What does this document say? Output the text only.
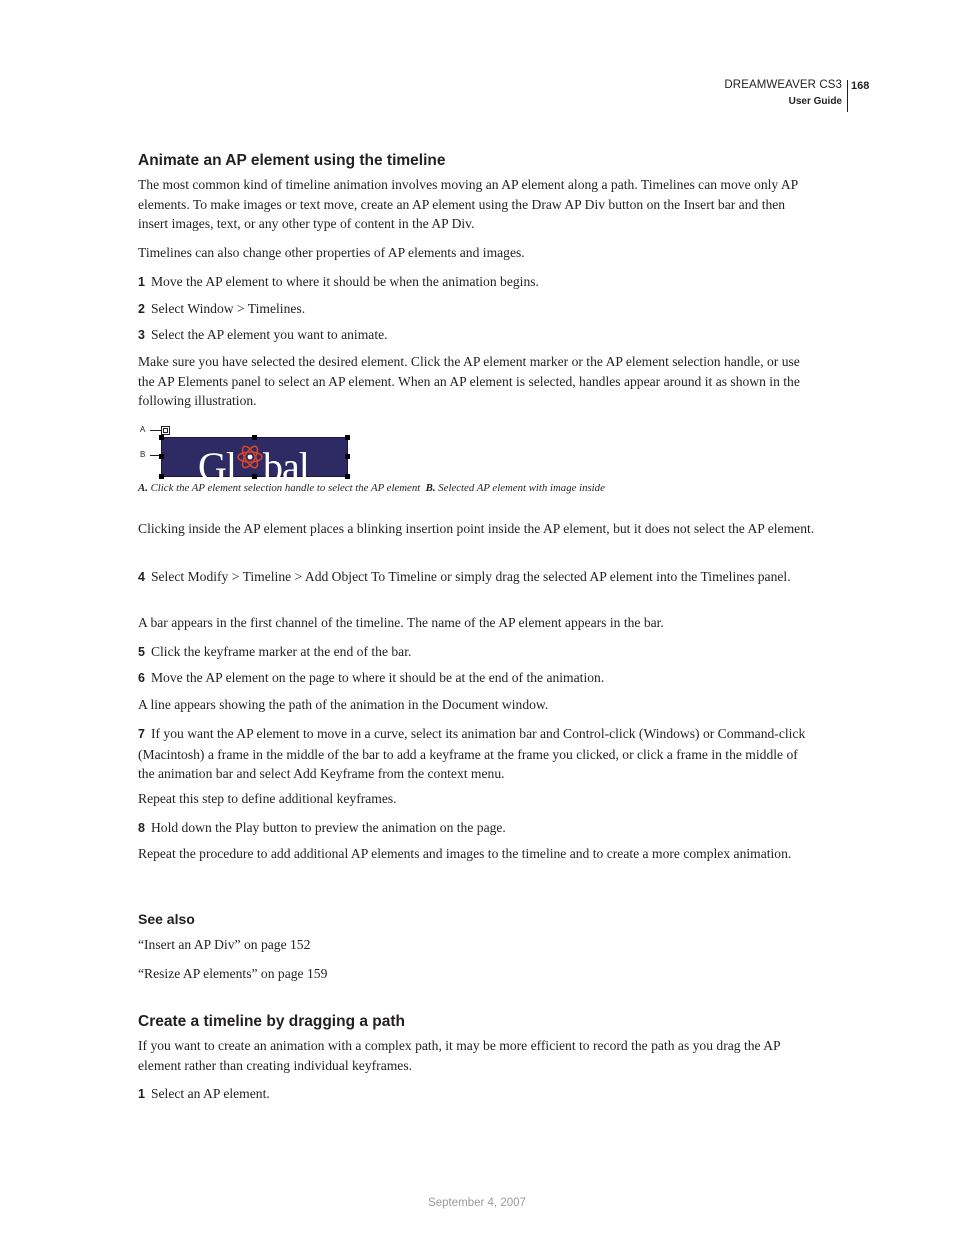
DREAMWEAVER CS3
User Guide
168
Animate an AP element using the timeline
The most common kind of timeline animation involves moving an AP element along a path. Timelines can move only AP elements. To make images or text move, create an AP element using the Draw AP Div button on the Insert bar and then insert images, text, or any other type of content in the AP Div.
Timelines can also change other properties of AP elements and images.
1 Move the AP element to where it should be when the animation begins.
2 Select Window > Timelines.
3 Select the AP element you want to animate.
Make sure you have selected the desired element. Click the AP element marker or the AP element selection handle, or use the AP Elements panel to select an AP element. When an AP element is selected, handles appear around it as shown in the following illustration.
A
B Gl bal
A. Click the AP element selection handle to select the AP element B. Selected AP element with image inside
Clicking inside the AP element places a blinking insertion point inside the AP element, but it does not select the AP element.
4 Select Modify > Timeline > Add Object To Timeline or simply drag the selected AP element into the Timelines panel.
A bar appears in the first channel of the timeline. The name of the AP element appears in the bar.
5 Click the keyframe marker at the end of the bar.
6 Move the AP element on the page to where it should be at the end of the animation.
A line appears showing the path of the animation in the Document window.
7 If you want the AP element to move in a curve, select its animation bar and Control-click (Windows) or Command-click (Macintosh) a frame in the middle of the bar to add a keyframe at the frame you clicked, or click a frame in the middle of the animation bar and select Add Keyframe from the context menu.
Repeat this step to define additional keyframes.
8 Hold down the Play button to preview the animation on the page.
Repeat the procedure to add additional AP elements and images to the timeline and to create a more complex animation.
See also
“Insert an AP Div” on page 152
“Resize AP elements” on page 159
Create a timeline by dragging a path
If you want to create an animation with a complex path, it may be more efficient to record the path as you drag the AP element rather than creating individual keyframes.
1 Select an AP element.
September 4, 2007
